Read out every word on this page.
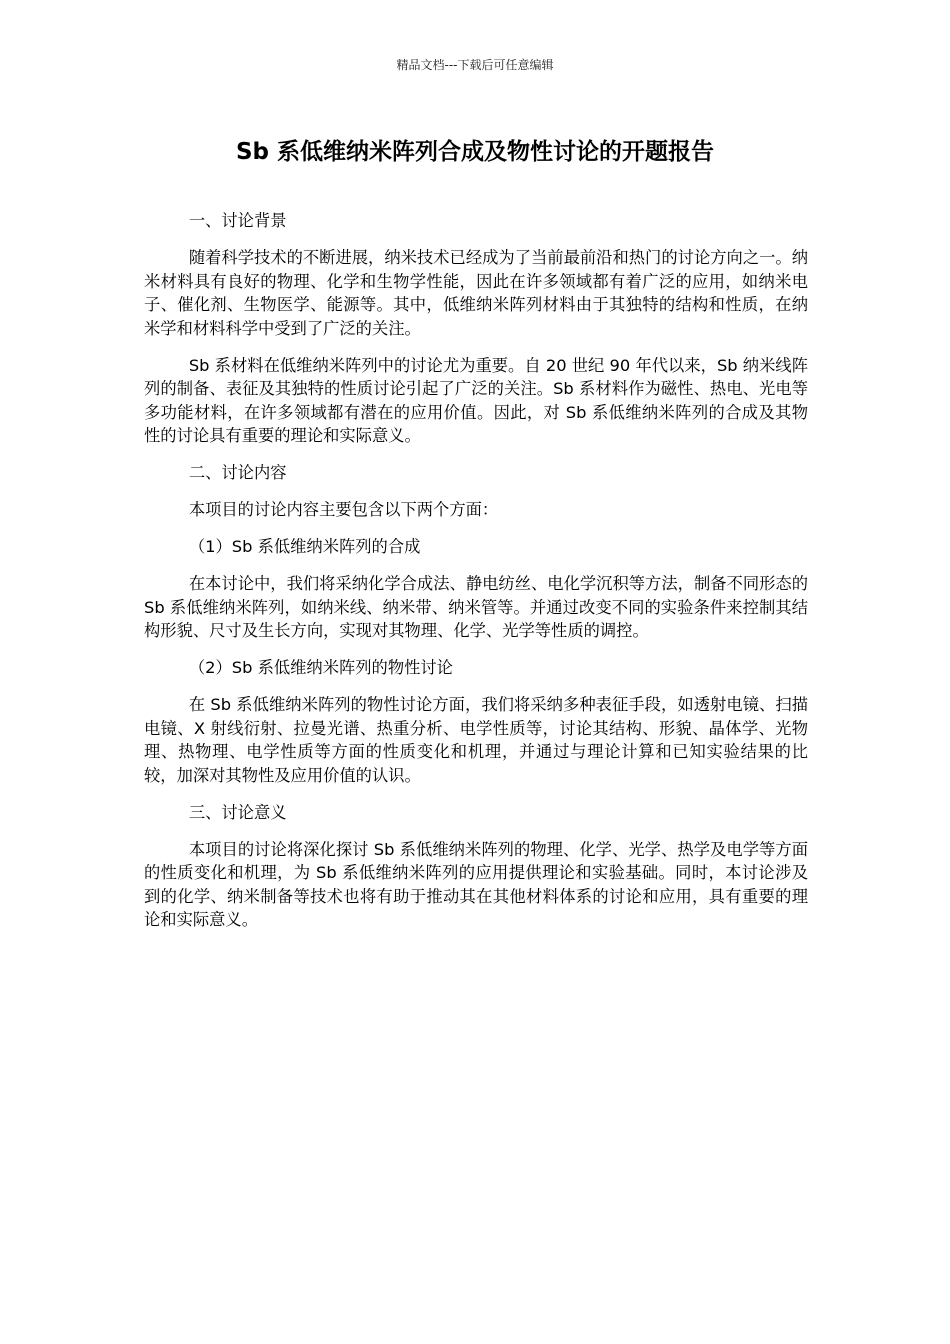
精品文档---下载后可任意编辑
Sb 系低维纳米阵列合成及物性讨论的开题报告

一、讨论背景

随着科学技术的不断进展，纳米技术已经成为了当前最前沿和热门的讨论方向之一。纳米材料具有良好的物理、化学和生物学性能，因此在许多领域都有着广泛的应用，如纳米电子、催化剂、生物医学、能源等。其中，低维纳米阵列材料由于其独特的结构和性质，在纳米学和材料科学中受到了广泛的关注。

Sb 系材料在低维纳米阵列中的讨论尤为重要。自 20 世纪 90 年代以来，Sb 纳米线阵列的制备、表征及其独特的性质讨论引起了广泛的关注。Sb 系材料作为磁性、热电、光电等多功能材料，在许多领域都有潜在的应用价值。因此，对 Sb 系低维纳米阵列的合成及其物性的讨论具有重要的理论和实际意义。

二、讨论内容

本项目的讨论内容主要包含以下两个方面：

（1）Sb 系低维纳米阵列的合成

在本讨论中，我们将采纳化学合成法、静电纺丝、电化学沉积等方法，制备不同形态的 Sb 系低维纳米阵列，如纳米线、纳米带、纳米管等。并通过改变不同的实验条件来控制其结构形貌、尺寸及生长方向，实现对其物理、化学、光学等性质的调控。

（2）Sb 系低维纳米阵列的物性讨论

在 Sb 系低维纳米阵列的物性讨论方面，我们将采纳多种表征手段，如透射电镜、扫描电镜、X 射线衍射、拉曼光谱、热重分析、电学性质等，讨论其结构、形貌、晶体学、光物理、热物理、电学性质等方面的性质变化和机理，并通过与理论计算和已知实验结果的比较，加深对其物性及应用价值的认识。

三、讨论意义

本项目的讨论将深化探讨 Sb 系低维纳米阵列的物理、化学、光学、热学及电学等方面的性质变化和机理，为 Sb 系低维纳米阵列的应用提供理论和实验基础。同时，本讨论涉及到的化学、纳米制备等技术也将有助于推动其在其他材料体系的讨论和应用，具有重要的理论和实际意义。
